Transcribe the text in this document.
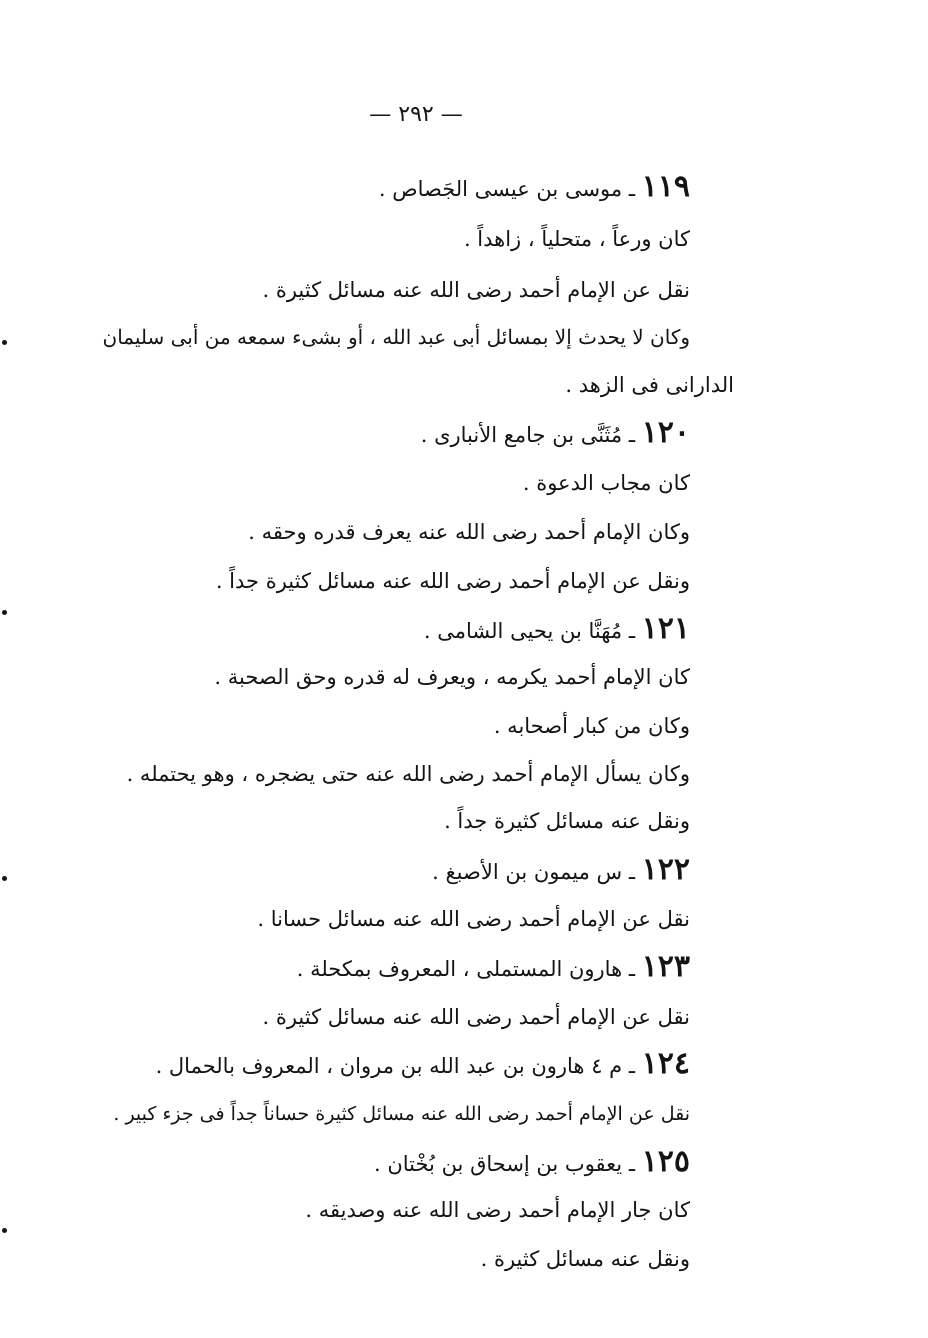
— ٢٩٢ —
١١٩ ـ موسى بن عيسى الجَصاص .
كان ورعاً ، متحلياً ، زاهداً .
نقل عن الإمام أحمد رضى الله عنه مسائل كثيرة .
وكان لا يحدث إلا بمسائل أبى عبد الله ، أو بشىء سمعه من أبى سليمان
الدارانى فى الزهد .
١٢٠ ـ مُثَنَّى بن جامع الأنبارى .
كان مجاب الدعوة .
وكان الإمام أحمد رضى الله عنه يعرف قدره وحقه .
ونقل عن الإمام أحمد رضى الله عنه مسائل كثيرة جداً .
١٢١ ـ مُهَنَّا بن يحيى الشامى .
كان الإمام أحمد يكرمه ، ويعرف له قدره وحق الصحبة .
وكان من كبار أصحابه .
وكان يسأل الإمام أحمد رضى الله عنه حتى يضجره ، وهو يحتمله .
ونقل عنه مسائل كثيرة جداً .
١٢٢ ـ س ميمون بن الأصبغ .
نقل عن الإمام أحمد رضى الله عنه مسائل حسانا .
١٢٣ ـ هارون المستملى ، المعروف بمكحلة .
نقل عن الإمام أحمد رضى الله عنه مسائل كثيرة .
١٢٤ ـ م ٤ هارون بن عبد الله بن مروان ، المعروف بالحمال .
نقل عن الإمام أحمد رضى الله عنه مسائل كثيرة حساناً جداً فى جزء كبير .
١٢٥ ـ يعقوب بن إسحاق بن بُخْتان .
كان جار الإمام أحمد رضى الله عنه وصديقه .
ونقل عنه مسائل كثيرة .
